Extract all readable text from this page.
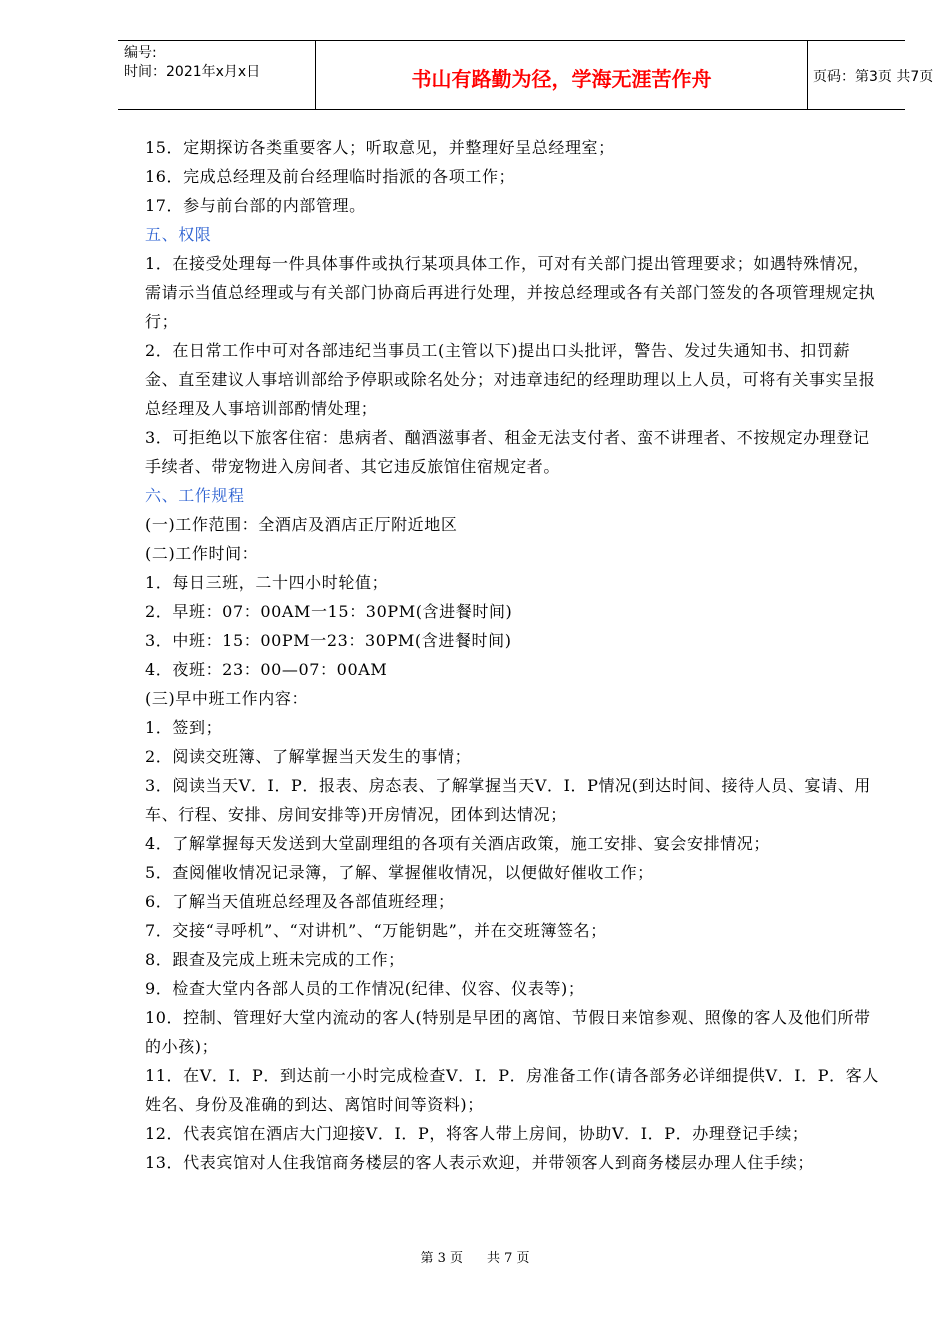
编号:
时间：2021年x月x日	书山有路勤为径，学海无涯苦作舟	页码：第3页 共7页

15．定期探访各类重要客人；听取意见，并整理好呈总经理室；

16．完成总经理及前台经理临时指派的各项工作；

17．参与前台部的内部管理。

五、权限

1．在接受处理每一件具体事件或执行某项具体工作，可对有关部门提出管理要求；如遇特殊情况，需请示当值总经理或与有关部门协商后再进行处理，并按总经理或各有关部门签发的各项管理规定执行；

2．在日常工作中可对各部违纪当事员工(主管以下)提出口头批评，警告、发过失通知书、扣罚薪金、直至建议人事培训部给予停职或除名处分；对违章违纪的经理助理以上人员，可将有关事实呈报总经理及人事培训部酌情处理；

3．可拒绝以下旅客住宿：患病者、酗酒滋事者、租金无法支付者、蛮不讲理者、不按规定办理登记手续者、带宠物进入房间者、其它违反旅馆住宿规定者。

六、工作规程

(一)工作范围：全酒店及酒店正厅附近地区

(二)工作时间：

1．每日三班，二十四小时轮值；

2．早班：07：00AM一15：30PM(含进餐时间)

3．中班：15：00PM一23：30PM(含进餐时间)

4．夜班：23：00—07：00AM

(三)早中班工作内容：

1．签到；

2．阅读交班簿、了解掌握当天发生的事情；

3．阅读当天V．I．P．报表、房态表、了解掌握当天V．I．P情况(到达时间、接待人员、宴请、用车、行程、安排、房间安排等)开房情况，团体到达情况；

4．了解掌握每天发送到大堂副理组的各项有关酒店政策，施工安排、宴会安排情况；

5．查阅催收情况记录簿，了解、掌握催收情况，以便做好催收工作；

6．了解当天值班总经理及各部值班经理；

7．交接“寻呼机”、“对讲机”、“万能钥匙”，并在交班簿签名；

8．跟查及完成上班未完成的工作；

9．检查大堂内各部人员的工作情况(纪律、仪容、仪表等)；

10．控制、管理好大堂内流动的客人(特别是早团的离馆、节假日来馆参观、照像的客人及他们所带的小孩)；

11．在V．I．P．到达前一小时完成检查V．I．P．房准备工作(请各部务必详细提供V．I．P．客人姓名、身份及准确的到达、离馆时间等资料)；

12．代表宾馆在酒店大门迎接V．I．P，将客人带上房间，协助V．I．P．办理登记手续；

13．代表宾馆对人住我馆商务楼层的客人表示欢迎，并带领客人到商务楼层办理人住手续；

第 3 页 共 7 页
